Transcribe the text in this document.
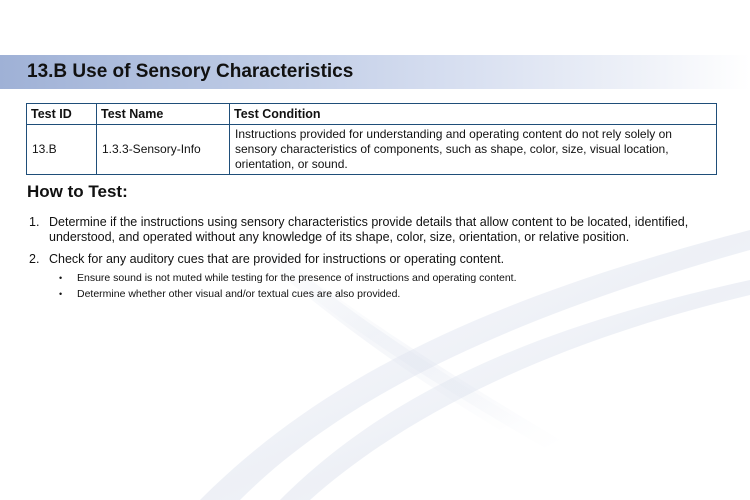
13.B Use of Sensory Characteristics
Test ID	Test Name	Test Condition
13.B	1.3.3-Sensory-Info	Instructions provided for understanding and operating content do not rely solely on sensory characteristics of components, such as shape, color, size, visual location, orientation, or sound.
How to Test:
1. Determine if the instructions using sensory characteristics provide details that allow content to be located, identified, understood, and operated without any knowledge of its shape, color, size, orientation, or relative position.
2. Check for any auditory cues that are provided for instructions or operating content.
•	Ensure sound is not muted while testing for the presence of instructions and operating content.
•	Determine whether other visual and/or textual cues are also provided.
